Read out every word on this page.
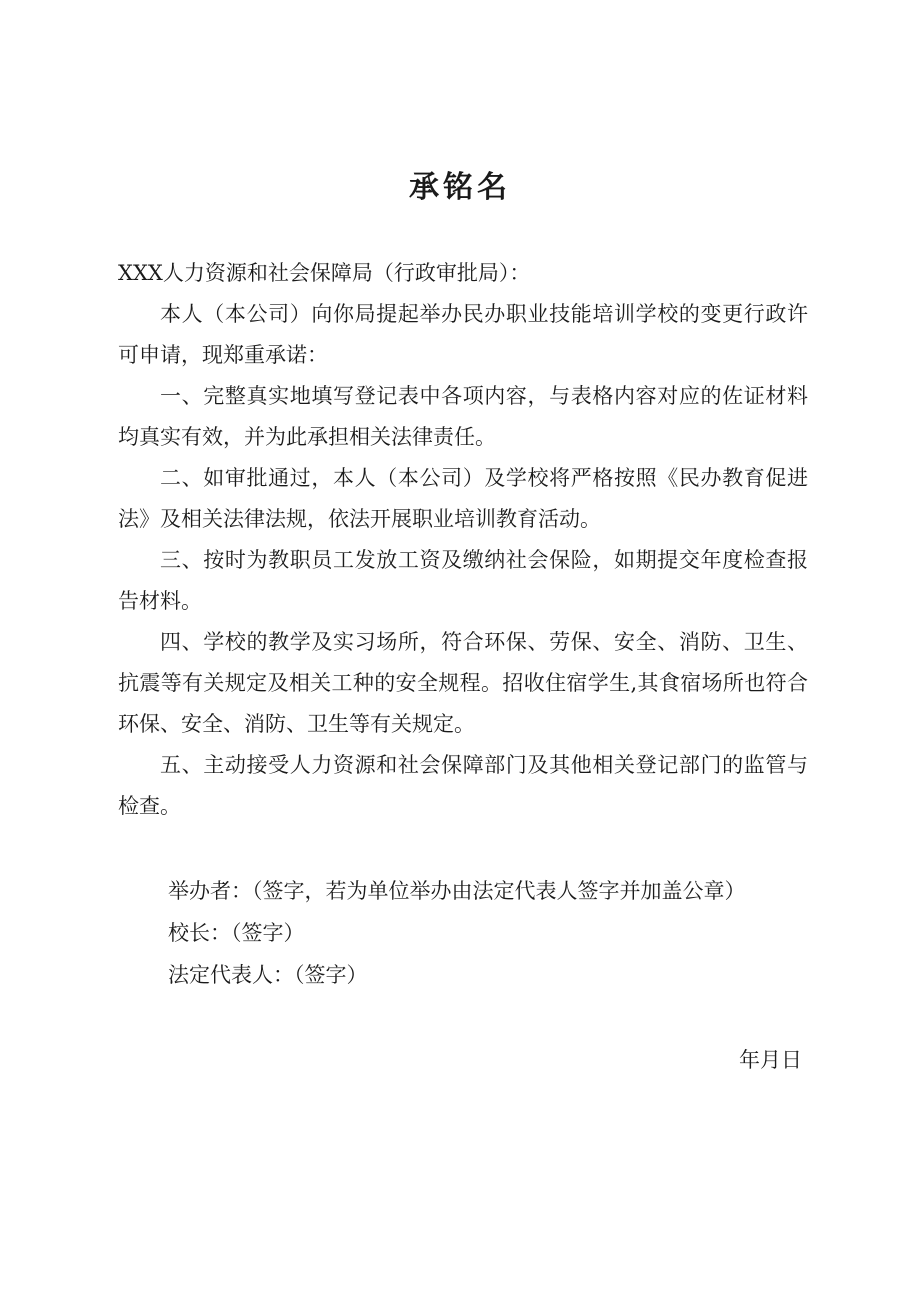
承铭名

XXX人力资源和社会保障局（行政审批局）：

本人（本公司）向你局提起举办民办职业技能培训学校的变更行政许可申请，现郑重承诺：

一、完整真实地填写登记表中各项内容，与表格内容对应的佐证材料均真实有效，并为此承担相关法律责任。

二、如审批通过，本人（本公司）及学校将严格按照《民办教育促进法》及相关法律法规，依法开展职业培训教育活动。

三、按时为教职员工发放工资及缴纳社会保险，如期提交年度检查报告材料。

四、学校的教学及实习场所，符合环保、劳保、安全、消防、卫生、抗震等有关规定及相关工种的安全规程。招收住宿学生,其食宿场所也符合环保、安全、消防、卫生等有关规定。

五、主动接受人力资源和社会保障部门及其他相关登记部门的监管与检查。

举办者：（签字，若为单位举办由法定代表人签字并加盖公章）

校长：（签字）

法定代表人：（签字）

年月日
